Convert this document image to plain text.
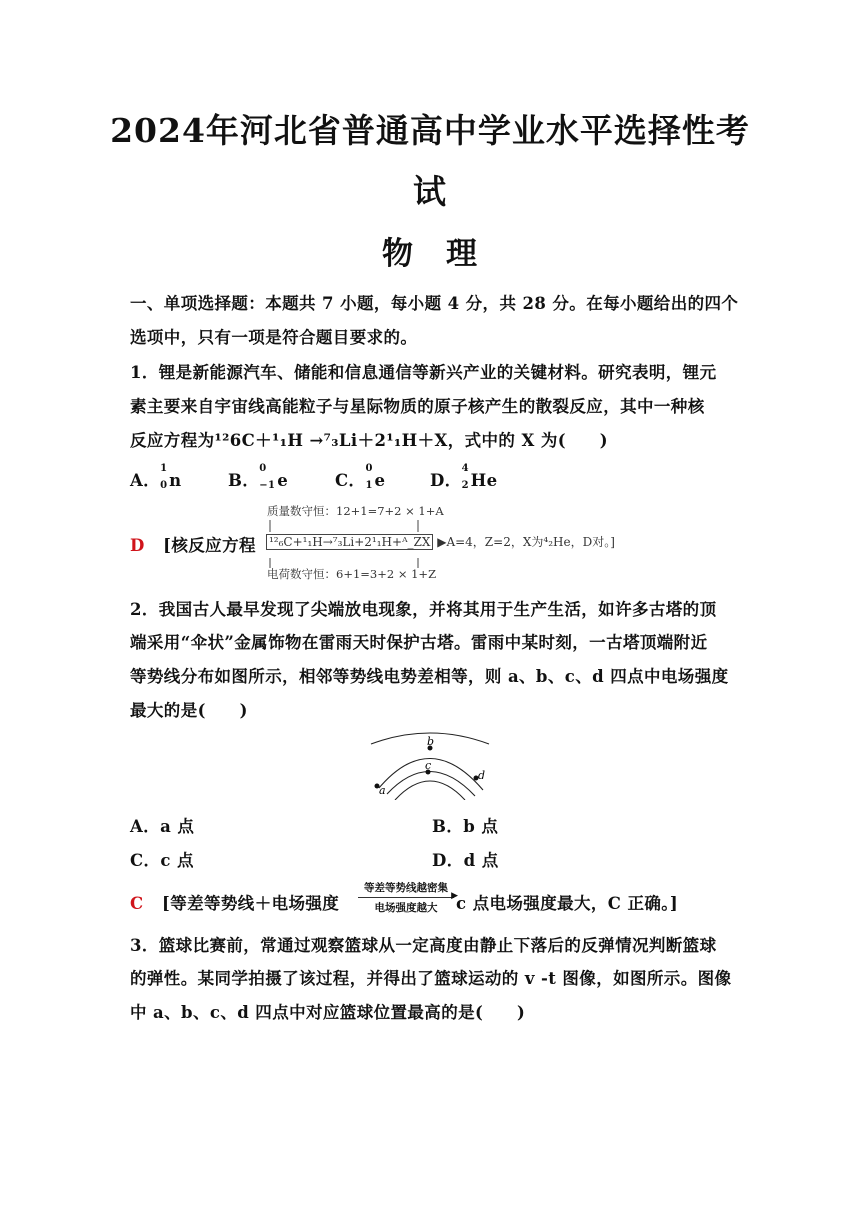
2024年河北省普通高中学业水平选择性考
试
物　理
一、单项选择题：本题共 7 小题，每小题 4 分，共 28 分。在每小题给出的四个
选项中，只有一项是符合题目要求的。
1．锂是新能源汽车、储能和信息通信等新兴产业的关键材料。研究表明，锂元
素主要来自宇宙线高能粒子与星际物质的原子核产生的散裂反应，其中一种核
反应方程为¹²6C＋¹₁H →⁷₃Li＋2¹₁H＋X，式中的 X 为(　　)
A．
1
0 n	B．
0
−1 e	C．
0
1 e	D．
4
2 He
质量数守恒：12+1=7+2 × 1+A
D [核反应方程 ¹²₆C+¹₁H→⁷₃Li+2¹₁H+ᴬ_ZX ▶A=4，Z=2，X为⁴₂He，D对。]
电荷数守恒：6+1=3+2 × 1+Z
2．我国古人最早发现了尖端放电现象，并将其用于生产生活，如许多古塔的顶
端采用“伞状”金属饰物在雷雨天时保护古塔。雷雨中某时刻，一古塔顶端附近
等势线分布如图所示，相邻等势线电势差相等，则 a、b、c、d 四点中电场强度
最大的是(　　)
b
c
d
a
A．a 点	B．b 点
C．c 点	D．d 点
C [等差等势线＋电场强度
等差等势线越密集
▶
电场强度越大	c 点电场强度最大，C 正确。]
3．篮球比赛前，常通过观察篮球从一定高度由静止下落后的反弹情况判断篮球
的弹性。某同学拍摄了该过程，并得出了篮球运动的 v -t 图像，如图所示。图像
中 a、b、c、d 四点中对应篮球位置最高的是(　　)
